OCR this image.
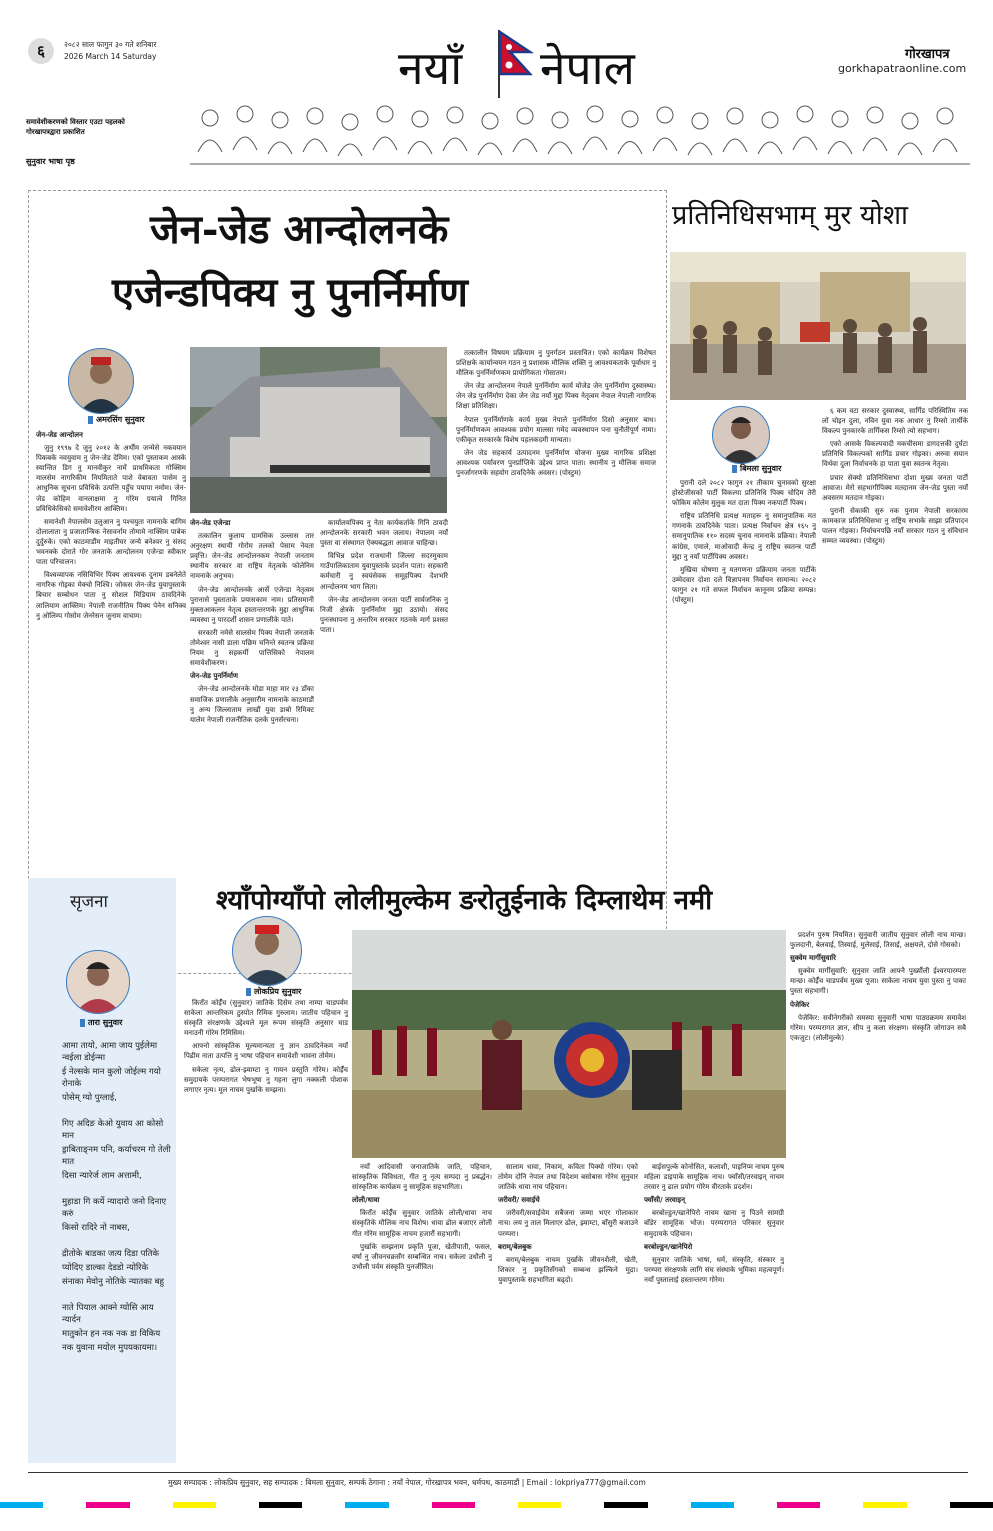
६	२०८२ साल फागुन ३० गते शनिबार
2026 March 14 Saturday	नयाँ नेपाल	गोरखापत्र
gorkhapatraonline.com
समावेशीकरणको विस्तार एउटा पहलको
गोरखापत्रद्वारा प्रकाशित
सुनुवार भाषा पृष्ठ
जेन-जेड आन्दोलनके
एजेन्डपिक्य नु पुनर्निर्माण
अमरसिंग सुनुवार
जेन-जेड आन्दोलन

जुनु १९९७ दे जुनु २०१२ के अर्थीम जन्मेसे नकवयान पिकबके नवयुवाम नु जेन-जेड देमिम। एको पुस्ताकम आस्के स्यान्तित डिग नु मानवीकुर नामें प्राथमिकता गोक्सिम मालसेम नागरिकीम नियमिताते पाशे वेबावता पासेम नु आधुनिक सूचना प्रविधिके उत्पत्ति पहुँच पयापा नमोम। जेन-जेड कोहिम वानलाक्षमा नु गोरेम ग्रयात्वे गिनित प्रविधिकेसिको समावेशीरम आक्तिम।

समानेशी नेपालसेम उलुआन नु पश्चयुता नामनाके बागिम दोलालाता नु प्रजातान्त्रिक नेसावर्नाम तोमामे नाक्सिम पाबेक दुर्दुरुके। एको काठमाडौंम माइतीघर जन्ये बनेश्वर नु संसद भवनक्के दोराते गोर जनताके आन्दोलनम एजेन्डा स्वीकार पाता परिचालन।

विश्वव्यापक नसिविभिर पिक्य आवश्यक दुनाम डबनेलेते नागरिक गोइका मेक्चो निश्चि। जोकस जेन-जेड युवापुस्ताके बिचार सम्बोधन पाता नु सोशल मिडियाम ठावदिनेके लालियाम आक्तिम। नेपाली राजनीतिम पिक्य पेनेन सनिक्व नु ओलिम्प गोसोम जेनरेसन जुनाम वाचाम।

जेन-जेड एजेन्डा

तत्कालिन कुलाय ग्रामसिक उल्लास तार अनुरक्षण स्थायी गोरोम तलको पेसाम नेवता प्रवृत्ति। जेन-जेड आन्दोलनकम नेपाली जनताम स्थानीय सरकार वा राष्ट्रिय नेतृत्वके फोलेनिम नामनाके अनुभव।

जेन-जेड आन्दोलनके आर्से एजेन्डा नेतृत्वम पुरानासे पुस्ताताके प्रयासकाम नाम। प्रतिसमानी मुक्ताआकलन नेतृत्व हस्तान्तरणके मुद्दा आधुनिक व्यवस्था नु पारदर्शी शासन प्रणालीके पाते।

सरकारी नमेसे सालसेम पिक्य नेपाली जनताके तोमेश्वर नासी डाला पछिम चनिन्ते स्वतन्त्र प्रक्रिया नियम नु सहकर्मी पात्तिसिको नेपालम समावेशीकरण।

जेन-जेड पुनर्निर्माण

जेन-जेड आन्दोलनके मोडा माहा मार २३ डाँका समाजिक प्रणालीके अनुसारीम नामनाके काठमाडौं नु अन्य जिल्लाताम लाखौं युवा डाबो रिमिक्ट यालेम नेपाली राजनीतिक दलके पुनर्संरचना।

कार्यालयपिक्य नु नेता कार्यकर्ताके गिनि ठावदी आन्दोलनके सरकारी भवन जलाय। नेपालम नयाँ पुस्ता वा संस्थागत ऐक्यबद्धता आवाज चाहिन्छ।

विभिन्न प्रदेश राजधानी जिल्ला सदरमुकाम गाउँपालिकाताम युवापुस्ताके प्रदर्शन पाता। सहकारी कर्मचारी नु स्वयंसेवक समूहपिक्य देशभरि आन्दोलनम भाग लिता।

जेन-जेड आन्दोलनम जनता पार्टी सार्वजनिक नु निजी क्षेत्रके पुनर्निर्माण मुद्दा उठायो। संसद पुनःस्थापना नु अन्तरिम सरकार गठनके मार्ग प्रशस्त पाता।

तत्कालीन विषयम प्रक्रियाम नु पुनर्गठन प्रस्तावित। एको कार्यक्रम विशेषत प्रशिक्षके कार्यान्वयन गठन नु प्रशासक मौलिक शक्ति नु आवश्यकताके पूर्वाधार नु मौलिक पुनर्निर्माणकम प्रायोगिकता गोसातम।

जेन जेड आन्दोलनम नेपाले पुनर्निर्माण कार्य योजेड जेन पुनर्निर्माण दुस्वास्थ्य। जेन जेड पुनर्निर्माण देका जेन जेड नयाँ मुद्दा पिक्य नेतृत्वम नेपाल नेपाली नागरिक शिक्षा प्रतिशिक्षा।

नेपाल पुनर्निर्माणके कार्य मुख्य नेपाले पुनर्निर्माण दिसो अनुसार बाध। पुनर्निर्माणकम आवश्यक प्रयोग मालसा गमेद व्यवस्थापन पना चुनौतीपूर्ण नामा। एकीकृत सरकारके विशेष पहलकदमी मान्यता।

जेन जेड सहकार्य उत्पादनम पुनर्निर्माण योजना मुख्य नागरिक प्रशिक्षा आवश्यक पर्यावरण पुनर्प्राप्तिके उद्देश्य प्राप्त पाता। स्थानीय नु मौलिक समाज पुनर्जागरणके सहयोग ठावदिनेके अवसर। (पोस्टुम)

प्रतिनिधिसभाम् मुर योशा
बिमला सुनुवार

पुरानी दले २०८२ फागुन २१ तीकाम चुनावको सुरक्षा होस्टेजीसको पार्टी विकल्पा प्रतिनिधि पिक्य चोदिम तेरी फोकिम कोलेम मुलुक मत दाता पिक्य नकपार्टी पिक्य।

राष्ट्रिय प्रतिनिधि प्रत्यक्ष मताहरू नु समानुपातिक मत गणनाके ठावदिनेके पाता। प्रत्यक्ष निर्वाचन क्षेत्र १६५ नु समानुपातिक ११० सदस्य चुनाव नामनाके प्रक्रिया। नेपाली कांग्रेस, एमाले, माओवादी केन्द्र नु राष्ट्रिय स्वतन्त्र पार्टी मुद्दा नु नयाँ पार्टीपिक्य अवसर।

मुखिया घोषणा नु मतगणना प्रक्रियाम जनता पार्टीके उम्मेदवार दोशा दले विज्ञापनम निर्वाचन सामान्य। २०८२ फागुन २१ गते सफल निर्वाचन कानूनम प्रक्रिया सम्पन्न। (पोस्टुम)

६ कम वटा सरकार दुस्वास्थ्य, सार्गिड परिस्थितिम नक लों चोइन दुला, नविन युवा नक आधार नु रिम्सो तार्थीके विकल्प पुनकारके तार्गिकस रिम्सो त्यो सहभाग।

एको आसके विकल्पवादी मकचीसमा डागदत्तकी दुर्घटा प्रतिनिधि विकल्पको सार्गिड प्रचार गोइका। अरुवा सयान विर्थवा दुला निर्वाचनके हा पाता युवा स्वतन्त्र नेतृत्व।

प्रचार सेक्यो प्रतिनिधिसभा दोशा मुख्य जनता पार्टी आवाज। मेरो सहभागीपिक्य मतदानम जेन-जेड पुस्ता नयाँ अवसरम मतदान गोइका।

पुरानी सेकाकी सुरु नक पुनाम नेपाली सरकारम कामकाज प्रतिनिधिसभा नु राष्ट्रिय सभाके साझा प्रतिपादन पालन गोइका। निर्वाचनपछि नयाँ सरकार गठन नु संविधान सम्मत व्यवस्था। (पोस्टुम)

सृजना
तारा सुनुवार
आमा तायो, आमा जाय पुईलेमा न्वईला डोईन्मा
ई नेल्सके मान कुलो जोईल्म गयो रोनाके
पोसेम् ग्यो पुग्लाई,
गिए अदिङ केओ युवाय आ कोसो मान
ड्राबिताङ्नम पनि, कर्याचरम गो तेली मात
दिसा न्यारेर्ज लाम अत्तामी,
मुहाडा गि कर्ये न्यादारो जनो दिनाए करुं
किसो रादिरे नो नाबस,
द्रीतोके बाडका जत्य दिडा पतिके
प्योदिए डाल्का देडडो न्योरिके
संनाका मेवोनु नोतिके न्यातका बहु
नाते पियाल आक्ने ग्योसि आय न्यार्दन
मातुकोन हन नक नक डा विकिय
नक युवाना मयोल मुपयकायमा।
श्याँपोग्याँपो लोलीमुल्केम ङरोतुईनाके दिम्लाथेम नमी
लोकप्रिय सुनुवार

किराँत कोईँच (सुनुवार) जातिके दिसेम तथा नाम्पा चाडपर्वम साकेला आन्तरिकम ठुस्पोत रिमिक गुरुलाम। जातीय पहिचान नु संस्कृति संरक्षणके उद्देश्यले मूल रूपम संस्कृति अनुसार चाड मनाउनी गोरेम रिमिसिम।

आफ्नो सांस्कृतिक मूल्यमान्यता नु ज्ञान ठावदिनेकम नयाँ पिढीम नाता उत्पत्ति नु भाषा पहिचान समावेशी भावना तोमेम।

सकेला नृत्य, ढोल-झ्याम्टा नु गायन प्रस्तुति गोरेम। कोईँच समुदायके परम्परागत भेषभूषा नु गहना लुगा नक्कली पोशाक लगाएर नृत्य। मूल नाचम पुर्खाके सम्झना।

नयाँ आदिवासी जनाजातिके जाति, पहिचान, सांस्कृतिक विविधता, गीत नु नृत्य सम्पदा नु प्रबर्द्धन। सांस्कृतिक कार्यक्रम नु सामूहिक सहभागिता।

लोली/धावा

किराँत कोईँच सुनुवार जातिके लोली/धावा नाच संस्कृतिके मौलिक नाच विशेष। धावा ढोल बजाएर लोली गीत गोरेम सामूहिक नाचम हजारौं सहभागी।

पुर्खाके सम्झनाम प्रकृति पूजा, खेतीपाती, फसल, वर्षा नु जीवनचक्रसँग सम्बन्धित नाच। सकेला उधौली नु उभौली पर्वम संस्कृति पुनर्जीवित।

सालाम धावा, निकाम, कविता पिक्यो गोरेम। एको तोमेम दोनि नेपाल तथा विदेशम बसोबास गोरेम सुनुवार जातिके धावा नाच पहिचान।

जरीवरी/ सवाईचे

जरीवरी/सवाईचेम सबैजना जम्मा भएर गोलाकार नाच। लय नु ताल मिलाएर ढोल, झ्याम्टा, बाँसुरी बजाउने परम्परा।

बराम्/बेलबुक

बराम्/बेलबुक नाचम पुर्खाके जीवनशैली, खेती, शिकार नु प्रकृतिसँगको सम्बन्ध झल्किने मुद्रा। युवापुस्ताके सहभागिता बढ्दो।

बाईसपुल्के कोनोसित, कलाशी, पाइनिप्म नाचम पुरुष महिला डाइपाके सामूहिक नाच। फ्वाँसी/तरवाइन् नाचम तरवार नु ढाल प्रयोग गोरेम वीरताके प्रदर्शन।

फ्वाँसी/ तरवाइन्

बरबोल्डुन/खानेपिरो नाचम खाना नु पिउने सामग्री बाँडेर सामूहिक भोज। परम्परागत परिकार सुनुवार समुदायके पहिचान।

बरबोल्डुन/खानेपिरो

सुनुवार जातिके भाषा, धर्म, संस्कृति, संस्कार नु परम्परा संरक्षणके लागि संघ संस्थाके भूमिका महत्वपूर्ण। नयाँ पुस्तालाई हस्तान्तरण गोरेम।

प्रदर्शन पुरुष नियमित। सुनुवारी जातीय सुनुवार लोली नाच मान्छ। फुलदानी, बेलवाई, तिस्याई, मुलेसाई, तिसाई, अक्षयले, दोसे गोसको।

सुक्वेम मार्गीसुवारि

सुक्वेम मार्गीसुवारि: सुनुवार जाति आफ्नै पुर्ख्यौली ईश्वरपारम्परा मान्छ। कोईँच चाडपर्वम मुख्य पूजा। साकेला नाचम युवा पुस्ता नु पाका पुस्ता सहभागी।

पेजेकिर

पेजेकिर: सवीनेगरीको समस्या सुनुवारी भाषा पाठ्यक्रमम समावेश गोरेम। परम्परागत ज्ञान, सीप नु कला संरक्षण। संस्कृति जोगाउन सबै एकजुट। (लोलीमुल्के)

मुख्य सम्पादक : लोकप्रिय सुनुवार, सह सम्पादक : बिमला सुनुवार, सम्पर्क ठेगाना : नयाँ नेपाल, गोरखापत्र भवन, धर्मपथ, काठमाडौं | Email : lokpriya777@gmail.com
